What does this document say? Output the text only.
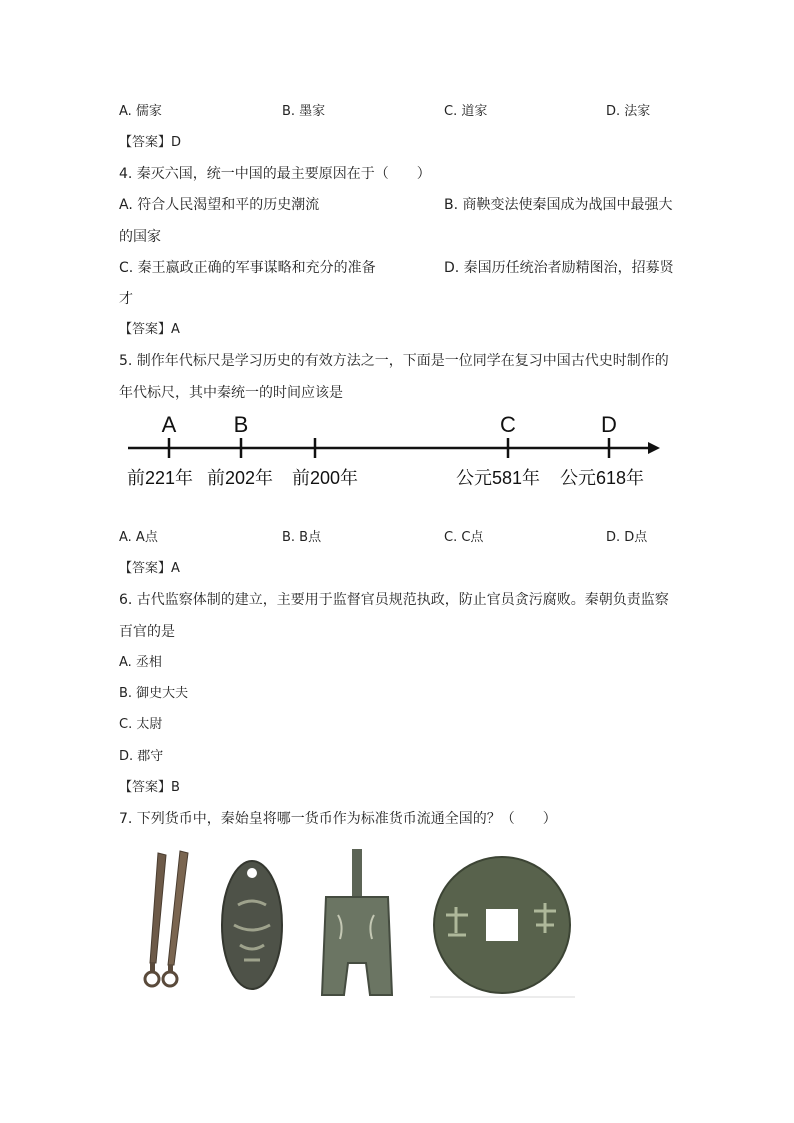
A. 儒家	B. 墨家	C. 道家	D. 法家
【答案】D
4. 秦灭六国，统一中国的最主要原因在于（　　）
A. 符合人民渴望和平的历史潮流	B. 商鞅变法使秦国成为战国中最强大
的国家
C. 秦王嬴政正确的军事谋略和充分的准备	D. 秦国历任统治者励精图治，招募贤
才
【答案】A
5. 制作年代标尺是学习历史的有效方法之一，下面是一位同学在复习中国古代史时制作的
年代标尺，其中秦统一的时间应该是
A	B	C	D
前221年 前202年 前200年	公元581年 公元618年
A. A点	B. B点	C. C点	D. D点
【答案】A
6. 古代监察体制的建立，主要用于监督官员规范执政，防止官员贪污腐败。秦朝负责监察
百官的是
A. 丞相
B. 御史大夫
C. 太尉
D. 郡守
【答案】B
7. 下列货币中，秦始皇将哪一货币作为标准货币流通全国的？（　　）
